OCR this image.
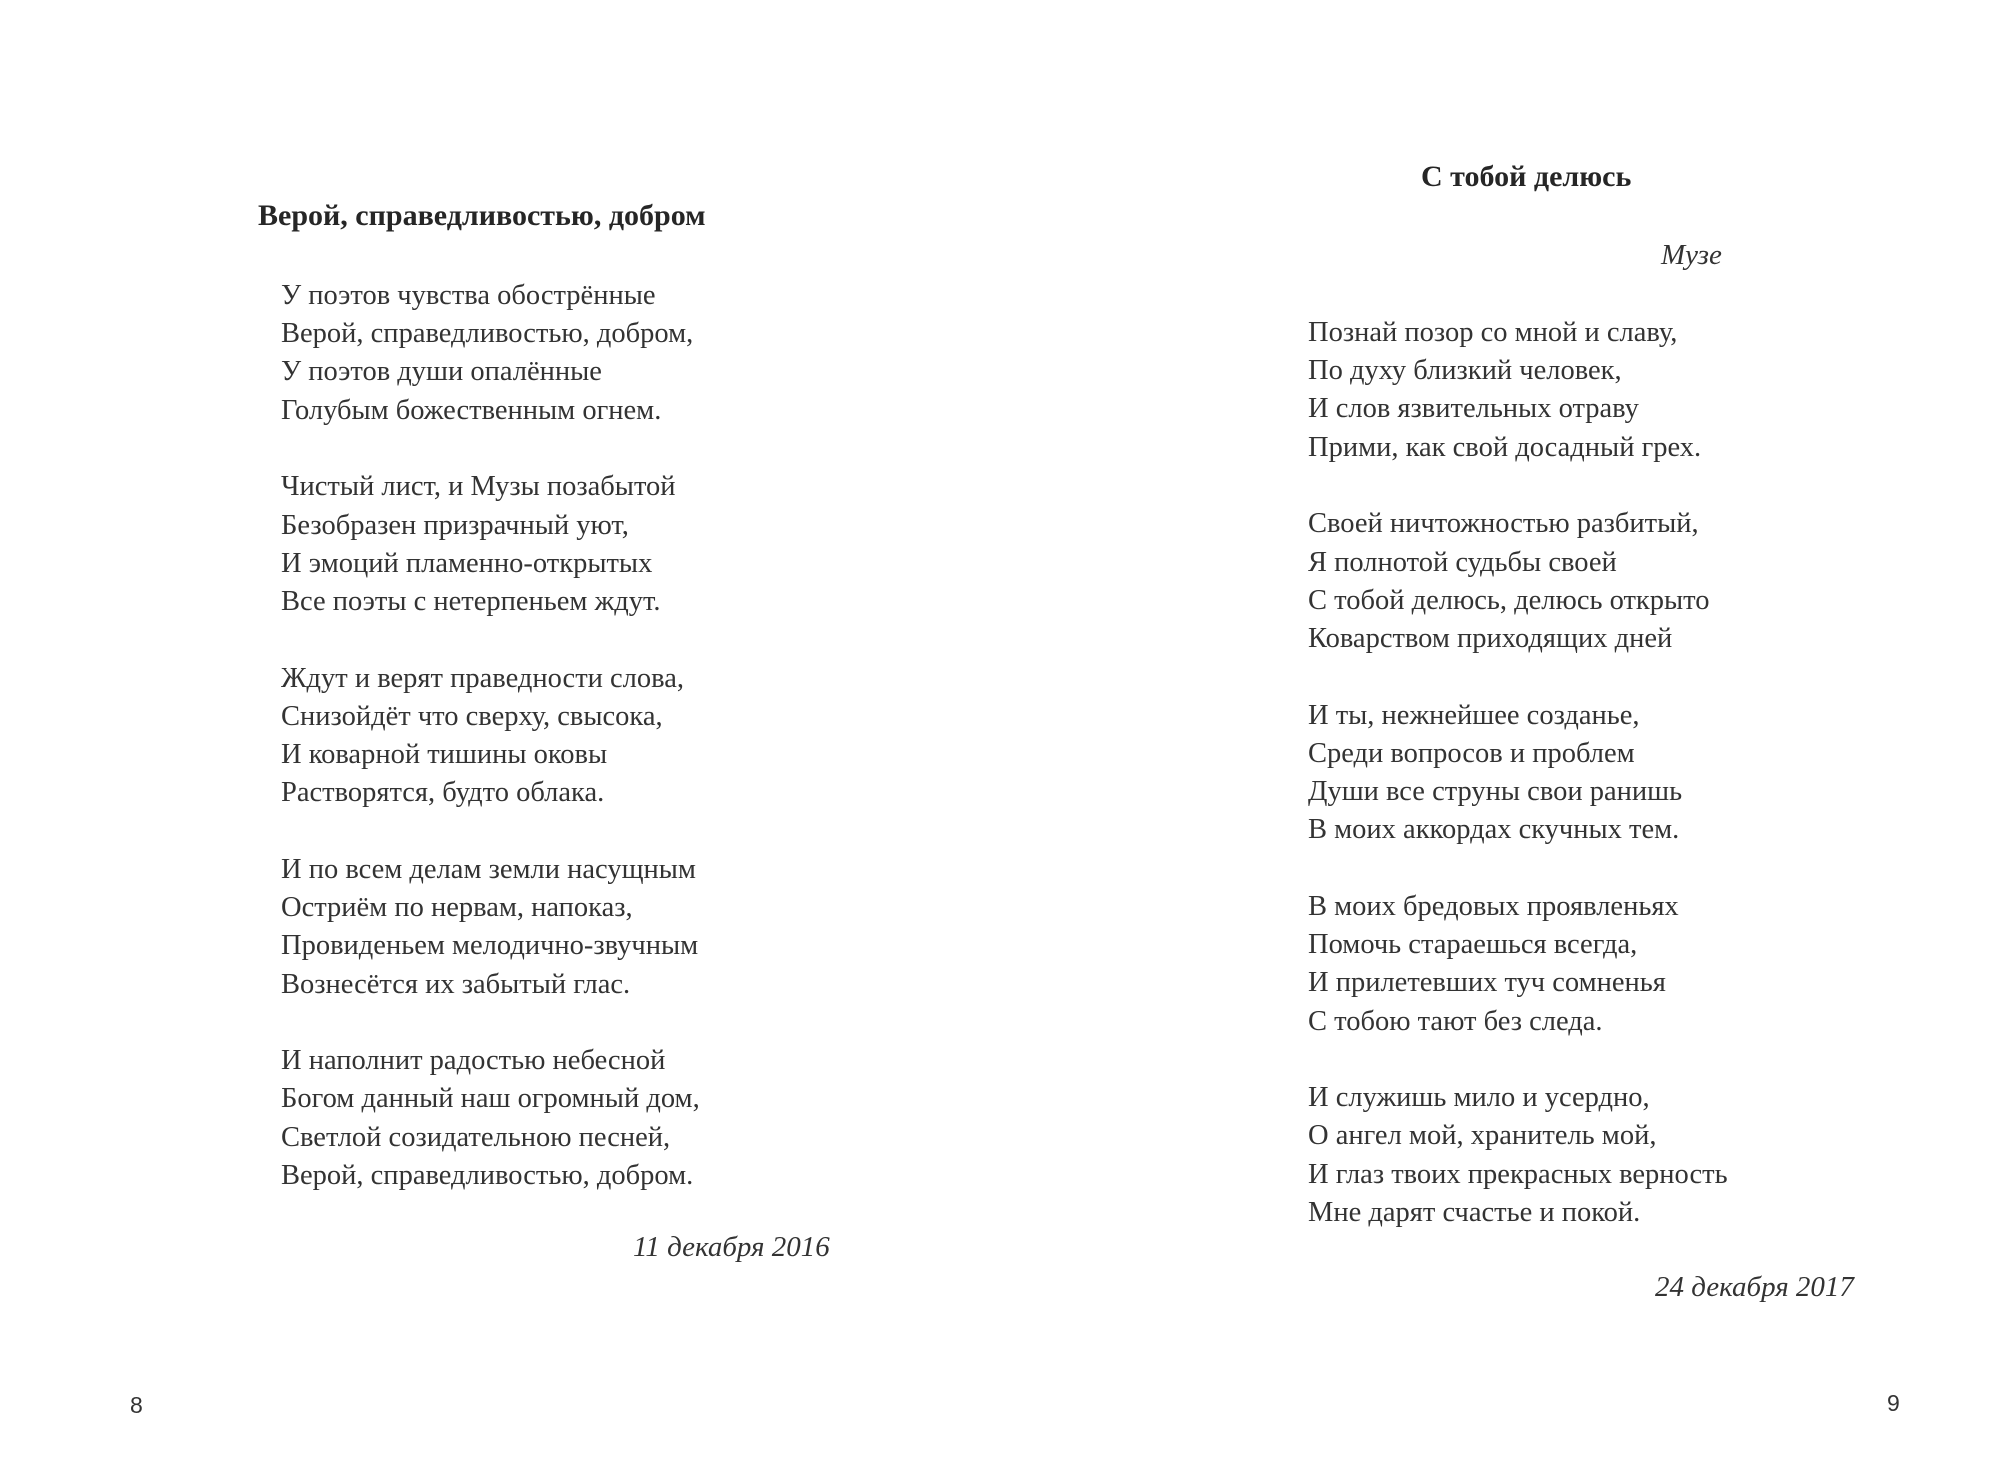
Верой, справедливостью, добром
У поэтов чувства обострённые
Верой, справедливостью, добром,
У поэтов души опалённые
Голубым божественным огнем.
Чистый лист, и Музы позабытой
Безобразен призрачный уют,
И эмоций пламенно-открытых
Все поэты с нетерпеньем ждут.
Ждут и верят праведности слова,
Снизойдёт что сверху, свысока,
И коварной тишины оковы
Растворятся, будто облака.
И по всем делам земли насущным
Остриём по нервам, напоказ,
Провиденьем мелодично-звучным
Вознесётся их забытый глас.
И наполнит радостью небесной
Богом данный наш огромный дом,
Светлой созидательною песней,
Верой, справедливостью, добром.
11 декабря 2016
8
С тобой делюсь
Музе
Познай позор со мной и славу,
По духу близкий человек,
И слов язвительных отраву
Прими, как свой досадный грех.
Своей ничтожностью разбитый,
Я полнотой судьбы своей
С тобой делюсь, делюсь открыто
Коварством приходящих дней
И ты, нежнейшее созданье,
Среди вопросов и проблем
Души все струны свои ранишь
В моих аккордах скучных тем.
В моих бредовых проявленьях
Помочь стараешься всегда,
И прилетевших туч сомненья
С тобою тают без следа.
И служишь мило и усердно,
О ангел мой, хранитель мой,
И глаз твоих прекрасных верность
Мне дарят счастье и покой.
24 декабря 2017
9
